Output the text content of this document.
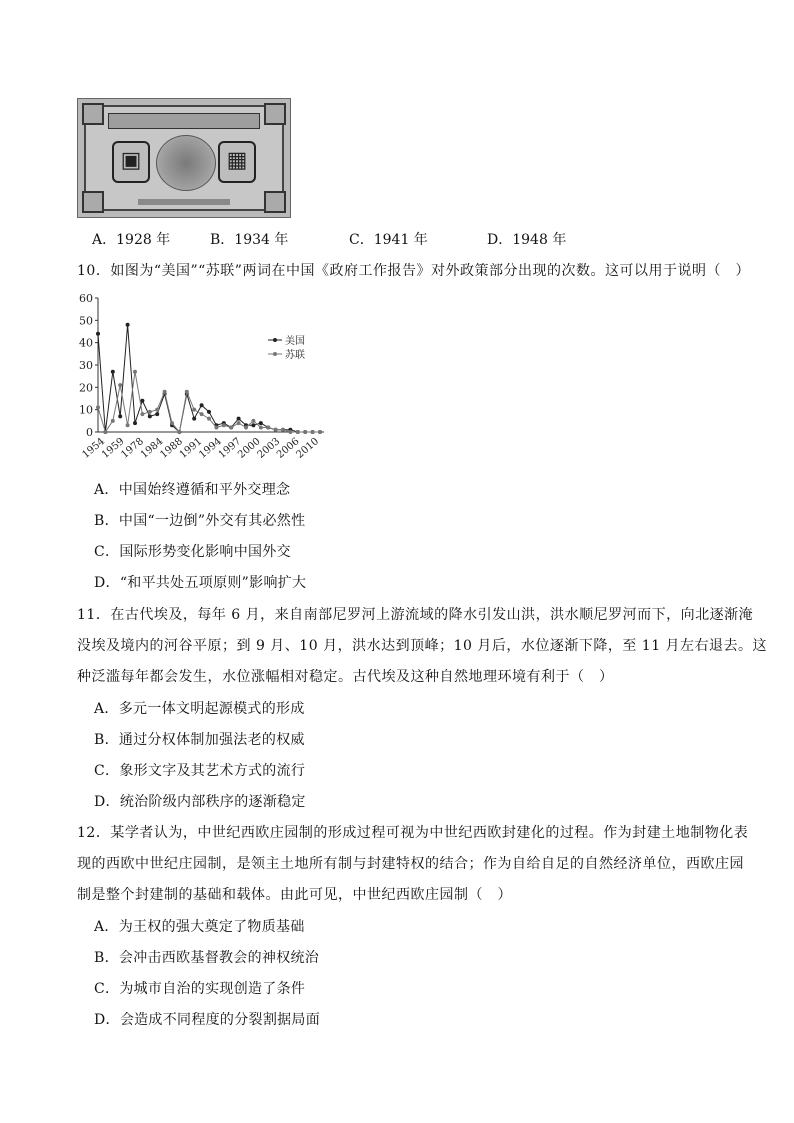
▣	▦
A．1928 年	B．1934 年	C．1941 年	D．1948 年
10．如图为“美国”“苏联”两词在中国《政府工作报告》对外政策部分出现的次数。这可以用于说明（　）
0
10
20
30
40
50
60
1954
1959
1978
1984
1988
1991
1994
1997
2000
2003
2006
2010
美国
苏联
A．中国始终遵循和平外交理念
B．中国“一边倒”外交有其必然性
C．国际形势变化影响中国外交
D．“和平共处五项原则”影响扩大
11．在古代埃及，每年 6 月，来自南部尼罗河上游流域的降水引发山洪，洪水顺尼罗河而下，向北逐渐淹
没埃及境内的河谷平原；到 9 月、10 月，洪水达到顶峰；10 月后，水位逐渐下降，至 11 月左右退去。这
种泛滥每年都会发生，水位涨幅相对稳定。古代埃及这种自然地理环境有利于（　）
A．多元一体文明起源模式的形成
B．通过分权体制加强法老的权威
C．象形文字及其艺术方式的流行
D．统治阶级内部秩序的逐渐稳定
12．某学者认为，中世纪西欧庄园制的形成过程可视为中世纪西欧封建化的过程。作为封建土地制物化表
现的西欧中世纪庄园制，是领主土地所有制与封建特权的结合；作为自给自足的自然经济单位，西欧庄园
制是整个封建制的基础和载体。由此可见，中世纪西欧庄园制（　）
A．为王权的强大奠定了物质基础
B．会冲击西欧基督教会的神权统治
C．为城市自治的实现创造了条件
D．会造成不同程度的分裂割据局面
